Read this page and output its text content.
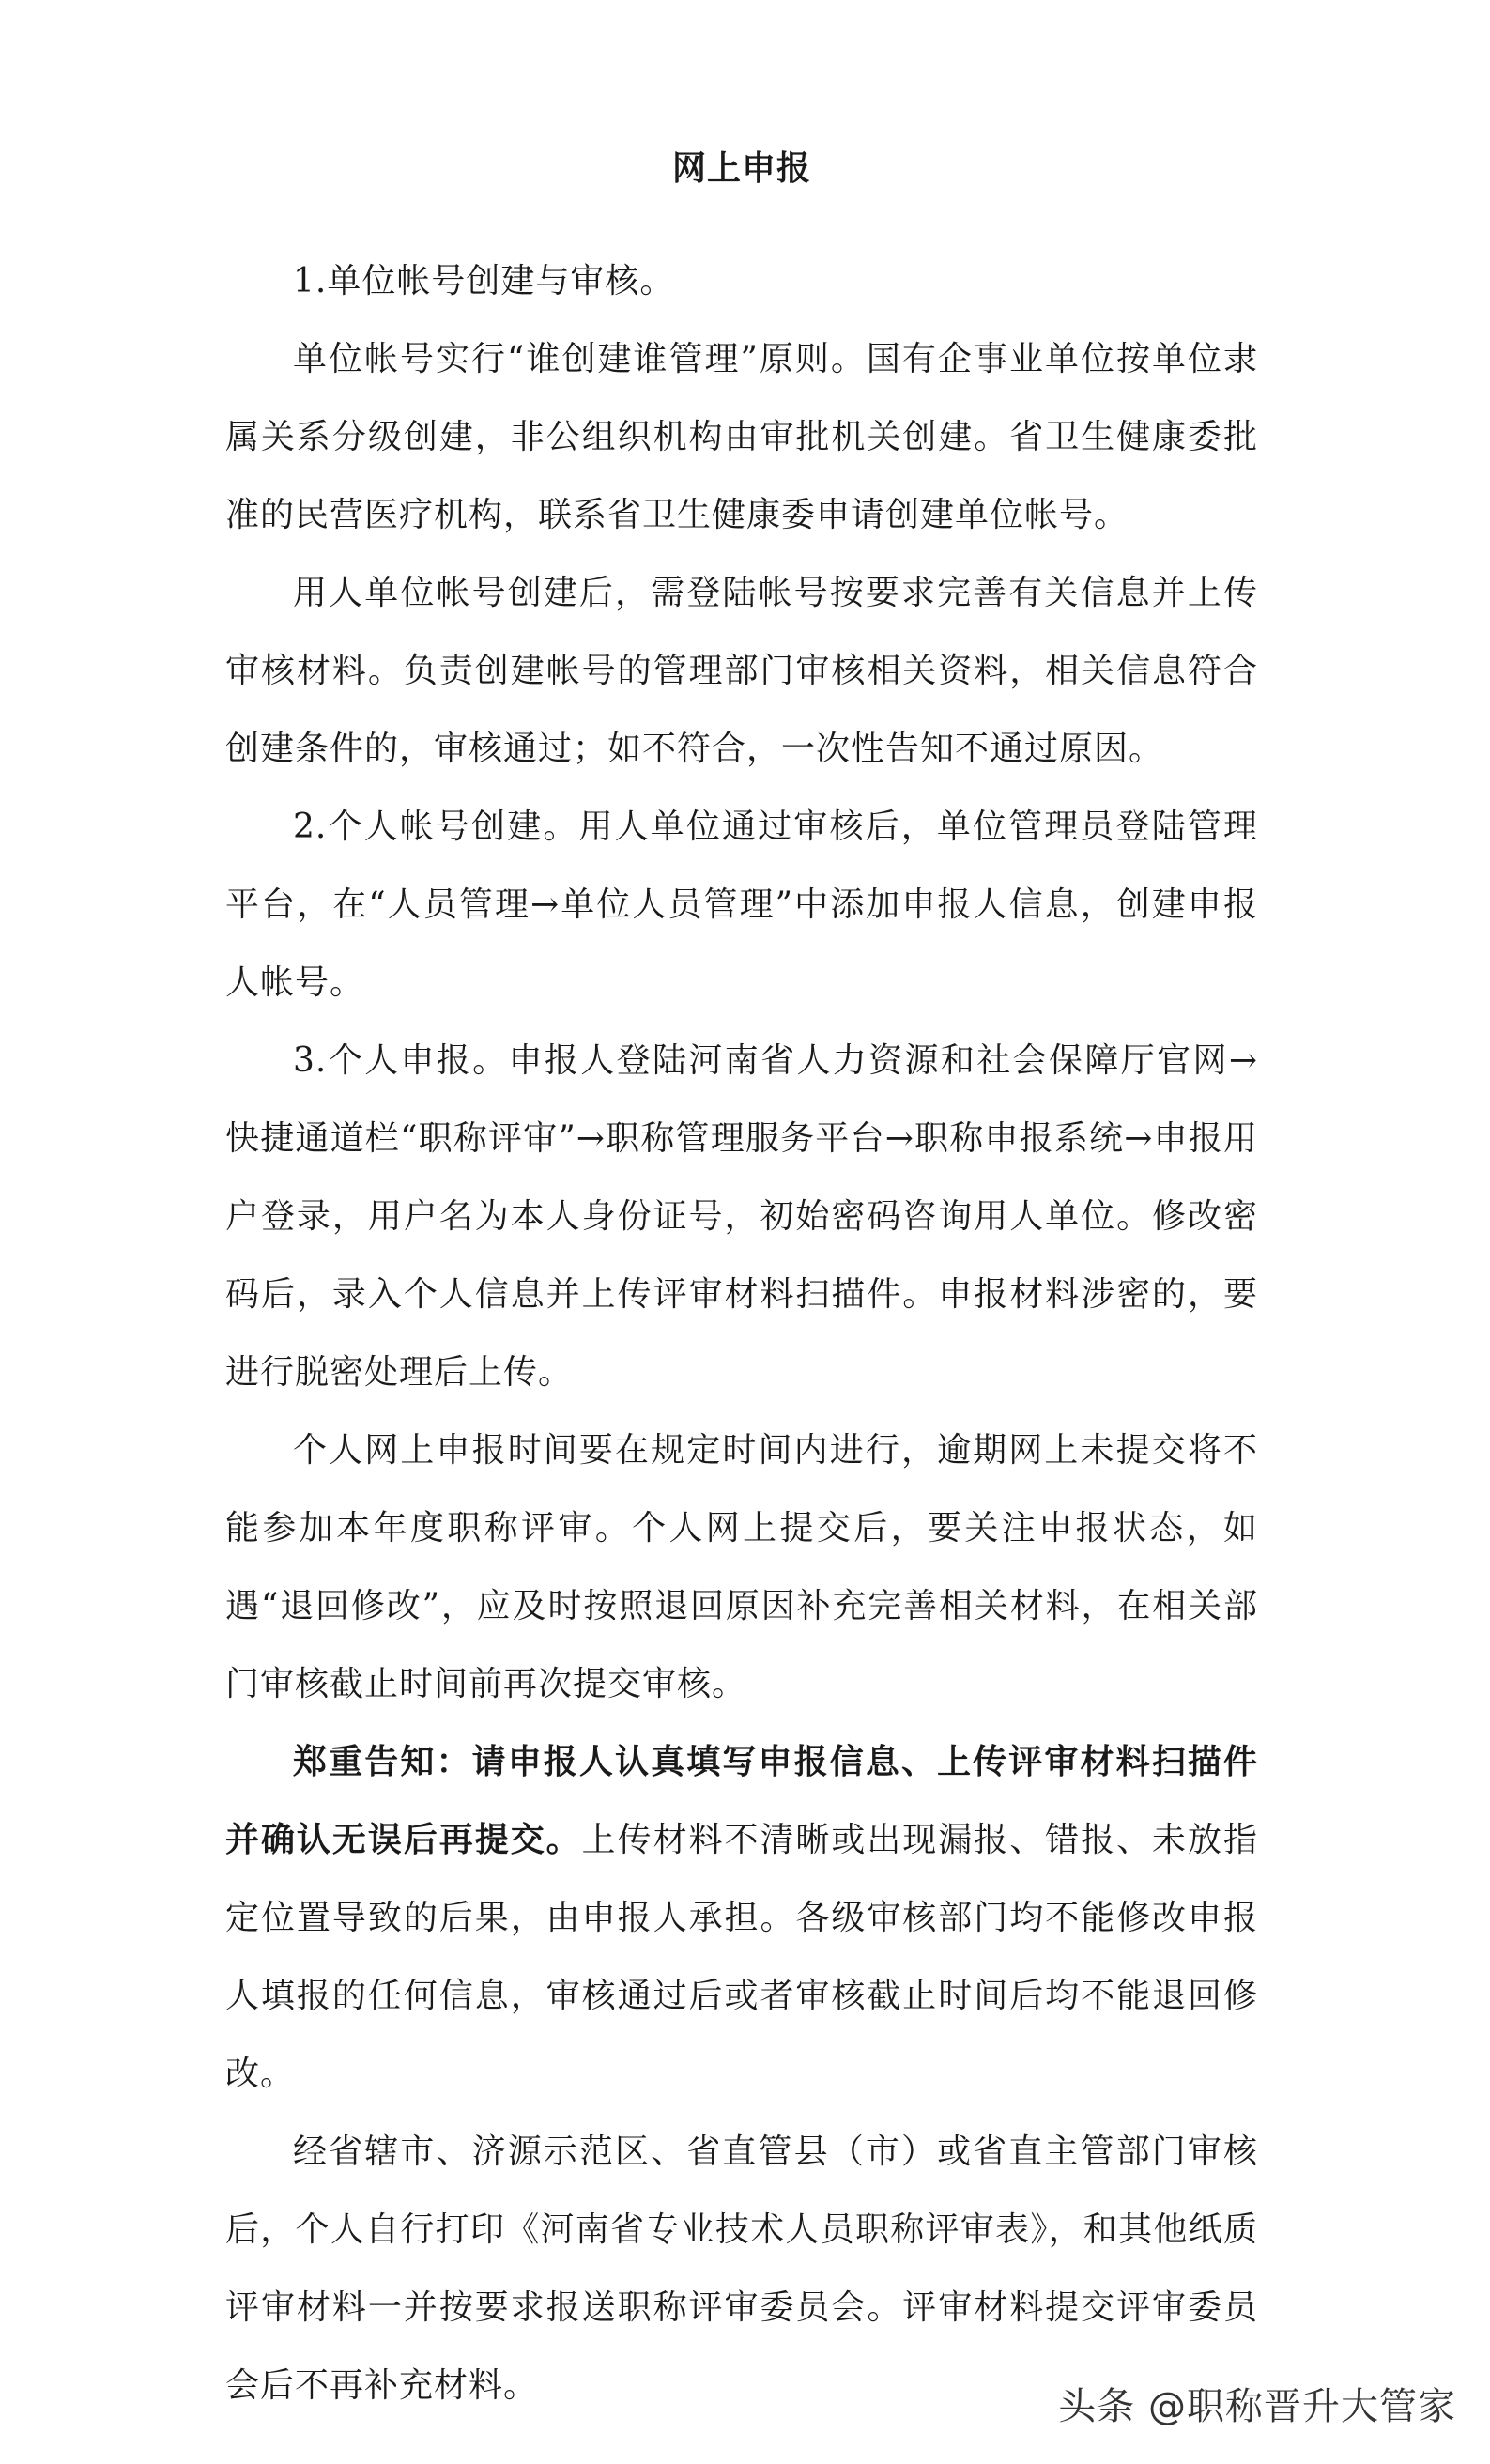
网上申报

1.单位帐号创建与审核。

单位帐号实行“谁创建谁管理”原则。国有企事业单位按单位隶属关系分级创建，非公组织机构由审批机关创建。省卫生健康委批准的民营医疗机构，联系省卫生健康委申请创建单位帐号。

用人单位帐号创建后，需登陆帐号按要求完善有关信息并上传审核材料。负责创建帐号的管理部门审核相关资料，相关信息符合创建条件的，审核通过；如不符合，一次性告知不通过原因。

2.个人帐号创建。用人单位通过审核后，单位管理员登陆管理平台，在“人员管理→单位人员管理”中添加申报人信息，创建申报人帐号。

3.个人申报。申报人登陆河南省人力资源和社会保障厅官网→快捷通道栏“职称评审”→职称管理服务平台→职称申报系统→申报用户登录，用户名为本人身份证号，初始密码咨询用人单位。修改密码后，录入个人信息并上传评审材料扫描件。申报材料涉密的，要进行脱密处理后上传。

个人网上申报时间要在规定时间内进行，逾期网上未提交将不能参加本年度职称评审。个人网上提交后，要关注申报状态，如遇“退回修改”，应及时按照退回原因补充完善相关材料，在相关部门审核截止时间前再次提交审核。

郑重告知：请申报人认真填写申报信息、上传评审材料扫描件并确认无误后再提交。上传材料不清晰或出现漏报、错报、未放指定位置导致的后果，由申报人承担。各级审核部门均不能修改申报人填报的任何信息，审核通过后或者审核截止时间后均不能退回修改。

经省辖市、济源示范区、省直管县（市）或省直主管部门审核后，个人自行打印《河南省专业技术人员职称评审表》，和其他纸质评审材料一并按要求报送职称评审委员会。评审材料提交评审委员会后不再补充材料。	头条 @职称晋升大管家
